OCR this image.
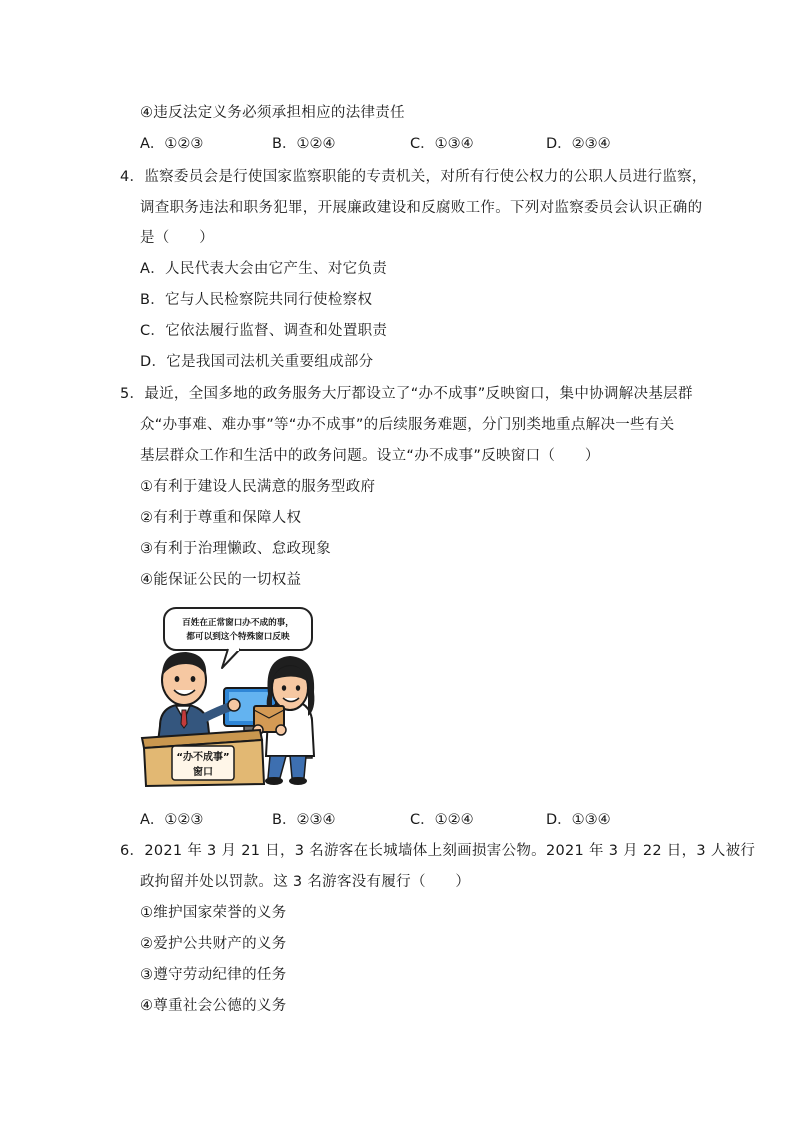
④违反法定义务必须承担相应的法律责任
A．①②③	B．①②④	C．①③④	D．②③④
4．监察委员会是行使国家监察职能的专责机关，对所有行使公权力的公职人员进行监察，
调查职务违法和职务犯罪，开展廉政建设和反腐败工作。下列对监察委员会认识正确的
是（　　）
A．人民代表大会由它产生、对它负责
B．它与人民检察院共同行使检察权
C．它依法履行监督、调查和处置职责
D．它是我国司法机关重要组成部分
5．最近，全国多地的政务服务大厅都设立了“办不成事”反映窗口，集中协调解决基层群
众“办事难、难办事”等“办不成事”的后续服务难题，分门别类地重点解决一些有关
基层群众工作和生活中的政务问题。设立“办不成事”反映窗口（　　）
①有利于建设人民满意的服务型政府
②有利于尊重和保障人权
③有利于治理懒政、怠政现象
④能保证公民的一切权益
百姓在正常窗口办不成的事，
都可以到这个特殊窗口反映
“办不成事”
窗口
A．①②③	B．②③④	C．①②④	D．①③④
6．2021 年 3 月 21 日，3 名游客在长城墙体上刻画损害公物。2021 年 3 月 22 日，3 人被行
政拘留并处以罚款。这 3 名游客没有履行（　　）
①维护国家荣誉的义务
②爱护公共财产的义务
③遵守劳动纪律的任务
④尊重社会公德的义务
